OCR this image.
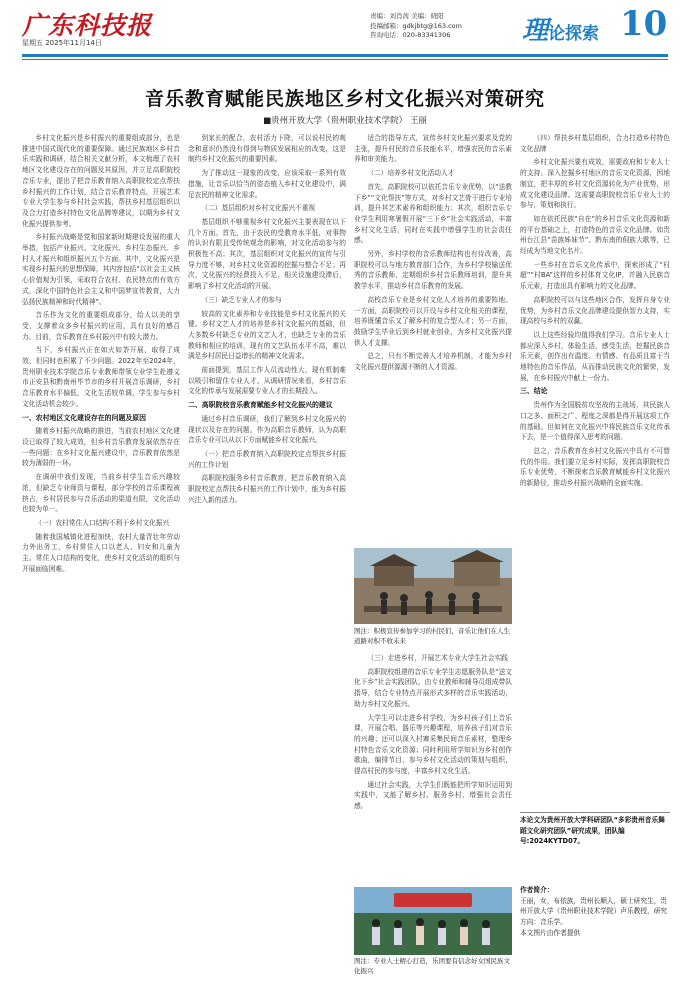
广东科技报
星期五 2025年11月14日
责编：刘肖茜 美编：晓阳
投稿邮箱：gdkjbtg@163.com
咨询电话：020-83341306	理论探索 10
音乐教育赋能民族地区乡村文化振兴对策研究
■贵州开放大学（贵州职业技术学院） 王丽

乡村文化振兴是乡村振兴的重要组成部分，也是推进中国式现代化的重要保障。通过民族地区乡村音乐实践和调研，结合相关文献分析，本文梳理了农村地区文化建设存在的问题及其原因，并立足高职院校音乐专业，提出了把音乐教育纳入高职院校定点帮扶乡村振兴的工作计划，结合音乐教育特点，开展艺术专业大学生参与乡村社会实践，帮扶乡村基层组织以及合力打造乡村特色文化品牌等建议，以期为乡村文化振兴提供参考。

乡村振兴战略是党和国家新时期建设发展的重大举措，包括产业振兴、文化振兴、乡村生态振兴、乡村人才振兴和组织振兴五个方面。其中，文化振兴是实现乡村振兴的思想保障，其内容包括“以社会主义核心价值观为引领，采取符合农村、农民特点的有效方式，深化中国特色社会主义和中国梦宣传教育，大力弘扬民族精神和时代精神”。

音乐作为文化的重要组成部分，给人以美的享受，支撑着众多乡村振兴的应用，具有良好的感召力。目前，音乐教育在乡村振兴中有较大潜力。

当下，乡村振兴正在如火如荼开展，取得了成效，但同时也积累了不少问题。2022年至2024年，贵州职业技术学院音乐专业教师带领专业学生赴遵义市正安县和黔南州毕节市的乡村开展音乐调研，乡村音乐教育水平偏低，文化生活较单调，学生参与乡村文化活动机会较少。

一、农村地区文化建设存在的问题及原因

随着乡村振兴战略的推进，当前农村地区文化建设已取得了较大成效，但乡村音乐教育发展依然存在一些问题：在乡村文化振兴建设中，音乐教育依然是较为薄弱的一环。

在调研中我们发现，当前乡村学生音乐兴趣较浓，但缺乏专业师资与课程，部分学校的音乐课程被挤占，乡村居民参与音乐活动的渠道有限，文化活动也较为单一。

（一）农村常住人口结构不利于乡村文化振兴

随着我国城镇化进程加快，农村大量青壮年劳动力外出务工，乡村常住人口以老人、妇女和儿童为主。常住人口结构的变化，使乡村文化活动的组织与开展面临困难。

到家长的配合，农村活力下降，可以说村民的观念和意识仍然没有得到与物质发展相应的改变，这是制约乡村文化振兴的重要因素。

为了推动这一现象的改变，应该采取一系列有效措施，让音乐以恰当的姿态植入乡村文化建设中，满足农民的精神文化需求。

（二）基层组织对乡村文化振兴不重视

基层组织不够重视乡村文化振兴主要表现在以下几个方面。首先，由于农民的受教育水平低，对事物的认识有限且受传统观念的影响，对文化活动参与的积极性不高；其次，基层组织对文化振兴的宣传与引导力度不够，对乡村文化资源的挖掘与整合不足；再次，文化振兴的经费投入不足，相关设施建设滞后，影响了乡村文化活动的开展。

（三）缺乏专业人才的参与

较高的文化素养和专业技能是乡村文化振兴的关键。乡村文艺人才的培养是乡村文化振兴的基础，但大多数乡村缺乏专业的文艺人才，也缺乏专业的音乐教师和相应的培训，现有的文艺队伍水平不高，难以满足乡村居民日益增长的精神文化需求。

前面提到，基层工作人员流动性大，现有机制难以吸引和留住专业人才。从调研情况来看，乡村音乐文化的传承与发展需要专业人才的长期投入。

二、高职院校音乐教育赋能乡村文化振兴的建议

通过乡村音乐调研，我们了解到乡村文化振兴的现状以及存在的问题。作为高职音乐教师，认为高职音乐专业可以从以下方面赋能乡村文化振兴。

（一）把音乐教育纳入高职院校定点帮扶乡村振兴的工作计划

高职院校服务乡村音乐教育，把音乐教育纳入高职院校定点帮扶乡村振兴的工作计划中，能为乡村振兴注入新的活力。

适合的指导方式，宣传乡村文化振兴要求及党的主张，提升村民的音乐技能水平，增强农民的音乐素养和审美能力。

（二）培养乡村文化活动人才

首先，高职院校可以依托音乐专业优势，以“送教下乡”“文化帮扶”等方式，对乡村文艺骨干进行专业培训，提升其艺术素养和组织能力；其次，组织音乐专业学生利用寒暑假开展“三下乡”社会实践活动，丰富乡村文化生活，同时在实践中增强学生的社会责任感。

另外，乡村学校的音乐教师结构也有待改善，高职院校可以与地方教育部门合作，为乡村学校输送优秀的音乐教师，定期组织乡村音乐教师培训，提升其教学水平，推动乡村音乐教育的发展。

高校音乐专业是乡村文化人才培养的重要阵地。一方面，高职院校可以开设与乡村文化相关的课程，培养既懂音乐又了解乡村的复合型人才；另一方面，鼓励学生毕业后到乡村就业创业，为乡村文化振兴提供人才支撑。

总之，只有不断完善人才培养机制，才能为乡村文化振兴提供源源不断的人才资源。

图注：积极宣传参加学习的村民们，音乐让他们在人生道路对积不收未来

（三）走进乡村，开展艺术专业大学生社会实践

高职院校组建的音乐专业学生志愿服务队是“送文化下乡”社会实践团队，由专业教师和辅导员组成带队指导，结合专业特点开展形式多样的音乐实践活动，助力乡村文化振兴。

大学生可以走进乡村学校，为乡村孩子们上音乐课，开展合唱、器乐等兴趣课程，培养孩子们对音乐的兴趣；还可以深入村寨采集民间音乐素材，整理乡村特色音乐文化资源；同时利用所学知识为乡村创作歌曲，编排节目，参与乡村文化活动的策划与组织，提高村民的参与度，丰富乡村文化生活。

通过社会实践，大学生们既能把所学知识运用到实践中，又能了解乡村、服务乡村，增强社会责任感。

图注：专业人士精心打造，乐团要有信念好女国民族文化振兴

（四）帮扶乡村基层组织，合力打造乡村特色文化品牌

乡村文化振兴要有成效，需要政府和专业人士的支持。深入挖掘乡村地区的音乐文化资源，因地制宜，把丰厚的乡村文化资源转化为产业优势，形成文化建设品牌。这需要高职院校音乐专业人士的参与，策划和执行。

如在依托民族“自在”的乡村音乐文化资源和新的平台基础之上，打造特色的音乐文化品牌。如贵州台江县“苗族姊妹节”、黔东南的侗族大歌等，已经成为当地文化名片。

一些乡村在音乐文化传承中，探索形成了“村超”“村BA”这样的乡村体育文化IP，并融入民族音乐元素，打造出具有影响力的文化品牌。

高职院校可以与这些地区合作，发挥自身专业优势，为乡村音乐文化品牌建设提供智力支持，实现高校与乡村的双赢。

以上这些经验均值得我们学习。音乐专业人士都应深入乡村，体验生活，感受生活，挖掘民族音乐元素，创作出有温度、有情感、有品质且富于当地特色的音乐作品，从而推动民族文化的繁荣，发展，在乡村振兴中献上一份力。

三、结论

贵州作为全国脱贫攻坚战的主战场，其民族人口之多、面积之广、程度之深都是得开展这项工作的基础。但如何在文化振兴中将民族音乐文化传承下去，是一个值得深入思考的问题。

总之，音乐教育在乡村文化振兴中具有不可替代的作用。我们要立足乡村实际，发挥高职院校音乐专业优势，不断探索音乐教育赋能乡村文化振兴的新路径，推动乡村振兴战略的全面实施。

本论文为贵州开放大学科研团队“多彩贵州音乐舞蹈文化研究团队”研究成果，团队编号:2024KYTD07。
作者简介：
王丽，女，布依族，贵州长顺人，硕士研究生，贵州开放大学（贵州职业技术学院）声乐教授，研究方向：音乐学。
本文图片由作者提供
